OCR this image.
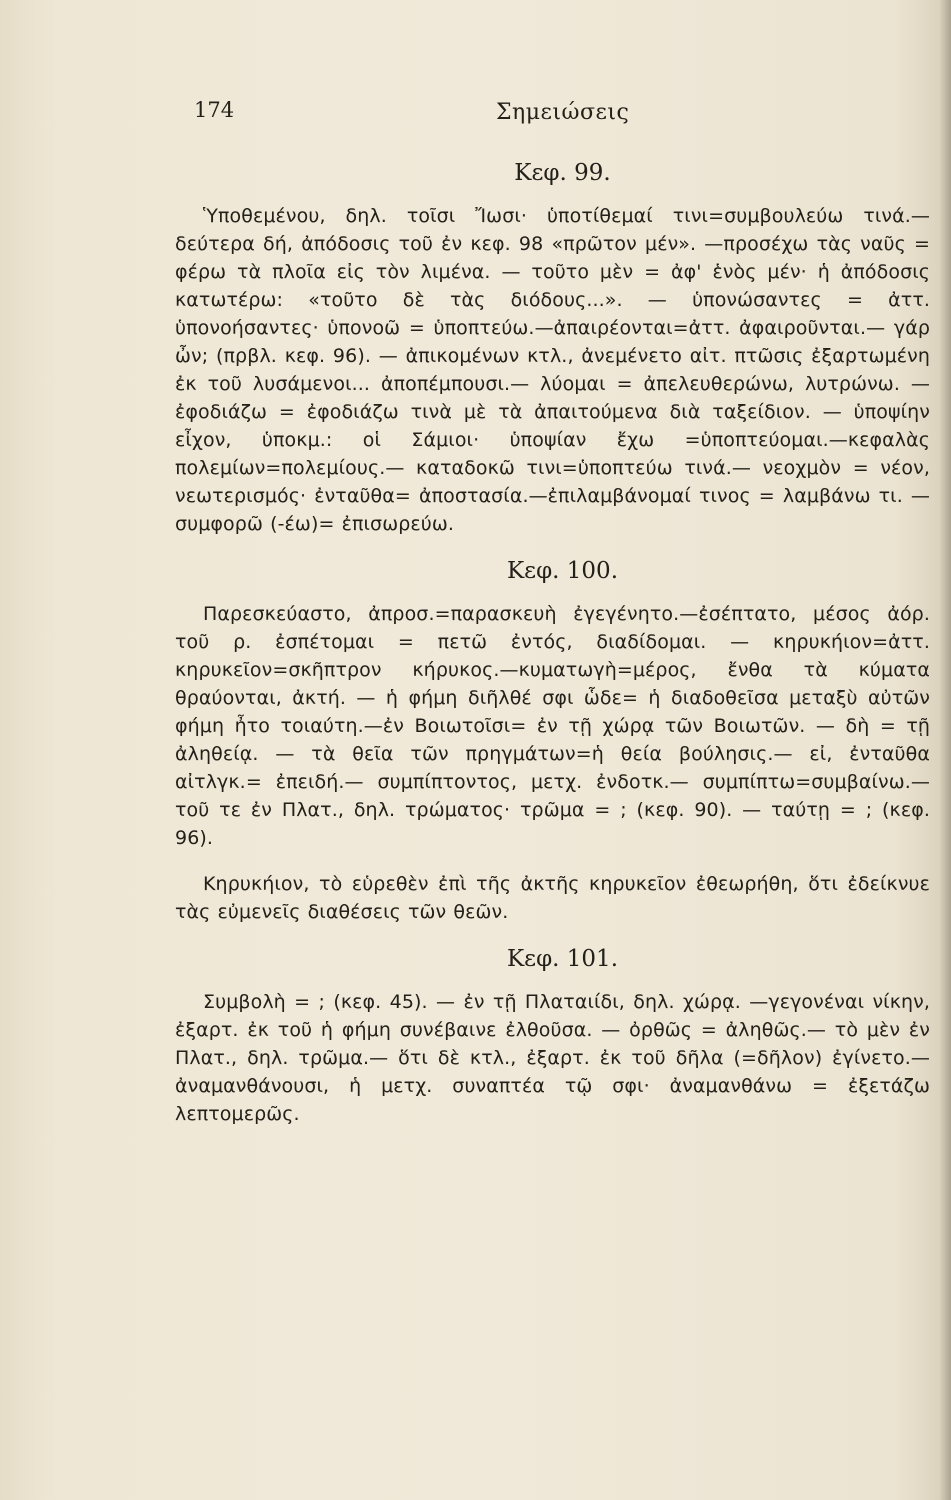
174	Σημειώσεις
Κεφ. 99.

Ὑποθεμένου, δηλ. τοῖσι Ἴωσι· ὑποτίθεμαί τινι=συμβουλεύω τινά.—δεύτερα δή, ἀπόδοσις τοῦ ἐν κεφ. 98 «πρῶτον μέν». —προσέχω τὰς ναῦς = φέρω τὰ πλοῖα εἰς τὸν λιμένα. — τοῦτο μὲν = ἀφ' ἑνὸς μέν· ἡ ἀπόδοσις κατωτέρω: «τοῦτο δὲ τὰς διόδους...». — ὑπονώσαντες = ἀττ. ὑπονοήσαντες· ὑπονοῶ = ὑποπτεύω.—ἀπαιρέονται=ἀττ. ἀφαιροῦνται.— γάρ ὦν; (πρβλ. κεφ. 96). — ἀπικομένων κτλ., ἀνεμένετο αἰτ. πτῶσις ἐξαρτωμένη ἐκ τοῦ λυσάμενοι... ἀποπέμπουσι.— λύομαι = ἀπελευθερώνω, λυτρώνω. — ἐφοδιάζω = ἐφοδιάζω τινὰ μὲ τὰ ἀπαιτούμενα διὰ ταξείδιον. — ὑποψίην εἶχον, ὑποκμ.: οἱ Σάμιοι· ὑποψίαν ἔχω =ὑποπτεύομαι.—κεφαλὰς πολεμίων=πολεμίους.— καταδοκῶ τινι=ὑποπτεύω τινά.— νεοχμὸν = νέον, νεωτερισμός· ἐνταῦθα= ἀποστασία.—ἐπιλαμβάνομαί τινος = λαμβάνω τι. — συμφορῶ (-έω)= ἐπισωρεύω.

Κεφ. 100.

Παρεσκεύαστο, ἀπροσ.=παρασκευὴ ἐγεγένητο.—ἐσέπτατο, μέσος ἀόρ. τοῦ ρ. ἐσπέτομαι = πετῶ ἐντός, διαδίδομαι. — κηρυκήιον=ἀττ. κηρυκεῖον=σκῆπτρον κήρυκος.—κυματωγὴ=μέρος, ἔνθα τὰ κύματα θραύονται, ἀκτή. — ἡ φήμη διῆλθέ σφι ὧδε= ἡ διαδοθεῖσα μεταξὺ αὐτῶν φήμη ἦτο τοιαύτη.—ἐν Βοιωτοῖσι= ἐν τῇ χώρᾳ τῶν Βοιωτῶν. — δὴ = τῇ ἀληθείᾳ. — τὰ θεῖα τῶν πρηγμάτων=ἡ θεία βούλησις.— εἰ, ἐνταῦθα αἰτλγκ.= ἐπειδή.— συμπίπτοντος, μετχ. ἐνδοτκ.— συμπίπτω=συμβαίνω.— τοῦ τε ἐν Πλατ., δηλ. τρώματος· τρῶμα = ; (κεφ. 90). — ταύτῃ = ; (κεφ. 96).

Κηρυκήιον, τὸ εὑρεθὲν ἐπὶ τῆς ἀκτῆς κηρυκεῖον ἐθεωρήθη, ὅτι ἐδείκνυε τὰς εὐμενεῖς διαθέσεις τῶν θεῶν.

Κεφ. 101.

Συμβολὴ = ; (κεφ. 45). — ἐν τῇ Πλαταιίδι, δηλ. χώρᾳ. —γεγονέναι νίκην, ἐξαρτ. ἐκ τοῦ ἡ φήμη συνέβαινε ἐλθοῦσα. — ὀρθῶς = ἀληθῶς.— τὸ μὲν ἐν Πλατ., δηλ. τρῶμα.— ὅτι δὲ κτλ., ἐξαρτ. ἐκ τοῦ δῆλα (=δῆλον) ἐγίνετο.—ἀναμανθάνουσι, ἡ μετχ. συναπτέα τῷ σφι· ἀναμανθάνω = ἐξετάζω λεπτομερῶς.
